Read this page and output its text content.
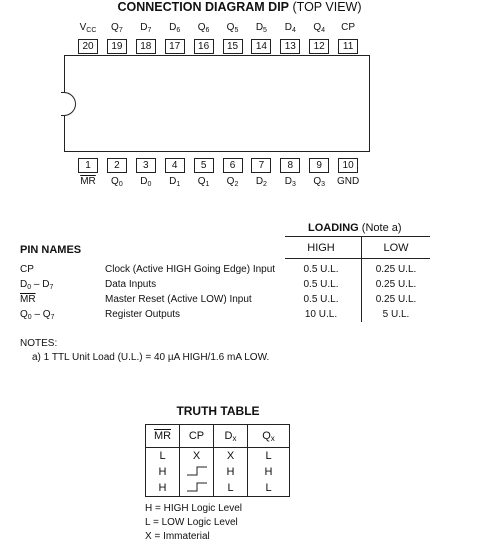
CONNECTION DIAGRAM DIP (TOP VIEW)
20
$V_{CC}$
19
$Q_7$
18
$D_7$
17
$D_6$
16
$Q_6$
15
$Q_5$
14
$D_5$
13
$D_4$
12
$Q_4$
11
CP
1
$\overline{MR}$
2
$Q_0$
3
$D_0$
4
$D_1$
5
$Q_1$
6
$Q_2$
7
$D_2$
8
$D_3$
9
$Q_3$
10
GND
LOADING (Note a)
HIGH	LOW
PIN NAMES
CP	Clock (Active HIGH Going Edge) Input	0.5 U.L.	0.25 U.L.
$D_0 - D_7$	Data Inputs	0.5 U.L.	0.25 U.L.
$\overline{MR}$	Master Reset (Active LOW) Input	0.5 U.L.	0.25 U.L.
$Q_0 - Q_7$	Register Outputs	10 U.L.	5 U.L.
NOTES:
a) 1 TTL Unit Load (U.L.) = 40 µA HIGH/1.6 mA LOW.
TRUTH TABLE
$\overline{MR}$	CP	Dx	Qx
L	X	X	L
H		H	H
H		L	L
H = HIGH Logic Level
L = LOW Logic Level
X = Immaterial
